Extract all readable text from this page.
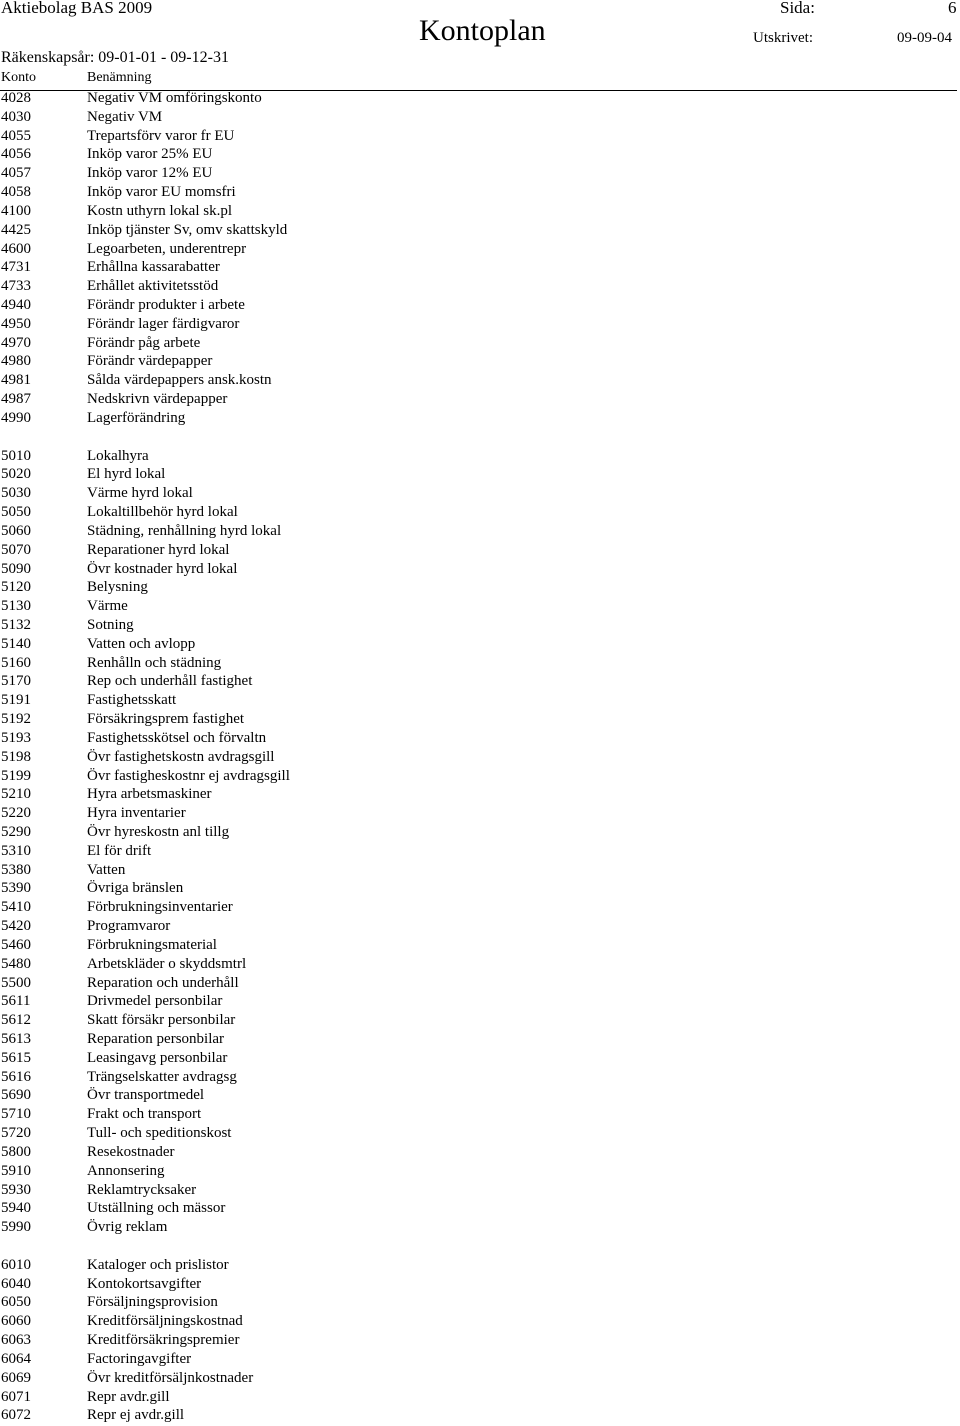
Aktiebolag BAS 2009	Sida:	6
Kontoplan
Räkenskapsår: 09-01-01 - 09-12-31
Utskrivet:	09-09-04
Konto	Benämning
4028	Negativ VM omföringskonto
4030	Negativ VM
4055	Trepartsförv varor fr EU
4056	Inköp varor 25% EU
4057	Inköp varor 12% EU
4058	Inköp varor EU momsfri
4100	Kostn uthyrn lokal sk.pl
4425	Inköp tjänster Sv, omv skattskyld
4600	Legoarbeten, underentrepr
4731	Erhållna kassarabatter
4733	Erhållet aktivitetsstöd
4940	Förändr produkter i arbete
4950	Förändr lager färdigvaror
4970	Förändr påg arbete
4980	Förändr värdepapper
4981	Sålda värdepappers ansk.kostn
4987	Nedskrivn värdepapper
4990	Lagerförändring
5010	Lokalhyra
5020	El hyrd lokal
5030	Värme hyrd lokal
5050	Lokaltillbehör hyrd lokal
5060	Städning, renhållning hyrd lokal
5070	Reparationer hyrd lokal
5090	Övr kostnader hyrd lokal
5120	Belysning
5130	Värme
5132	Sotning
5140	Vatten och avlopp
5160	Renhålln och städning
5170	Rep och underhåll fastighet
5191	Fastighetsskatt
5192	Försäkringsprem fastighet
5193	Fastighetsskötsel och förvaltn
5198	Övr fastighetskostn avdragsgill
5199	Övr fastigheskostnr ej avdragsgill
5210	Hyra arbetsmaskiner
5220	Hyra inventarier
5290	Övr hyreskostn anl tillg
5310	El för drift
5380	Vatten
5390	Övriga bränslen
5410	Förbrukningsinventarier
5420	Programvaror
5460	Förbrukningsmaterial
5480	Arbetskläder o skyddsmtrl
5500	Reparation och underhåll
5611	Drivmedel personbilar
5612	Skatt försäkr personbilar
5613	Reparation personbilar
5615	Leasingavg personbilar
5616	Trängselskatter avdragsg
5690	Övr transportmedel
5710	Frakt och transport
5720	Tull- och speditionskost
5800	Resekostnader
5910	Annonsering
5930	Reklamtrycksaker
5940	Utställning och mässor
5990	Övrig reklam
6010	Kataloger och prislistor
6040	Kontokortsavgifter
6050	Försäljningsprovision
6060	Kreditförsäljningskostnad
6063	Kreditförsäkringspremier
6064	Factoringavgifter
6069	Övr kreditförsäljnkostnader
6071	Repr avdr.gill
6072	Repr ej avdr.gill
